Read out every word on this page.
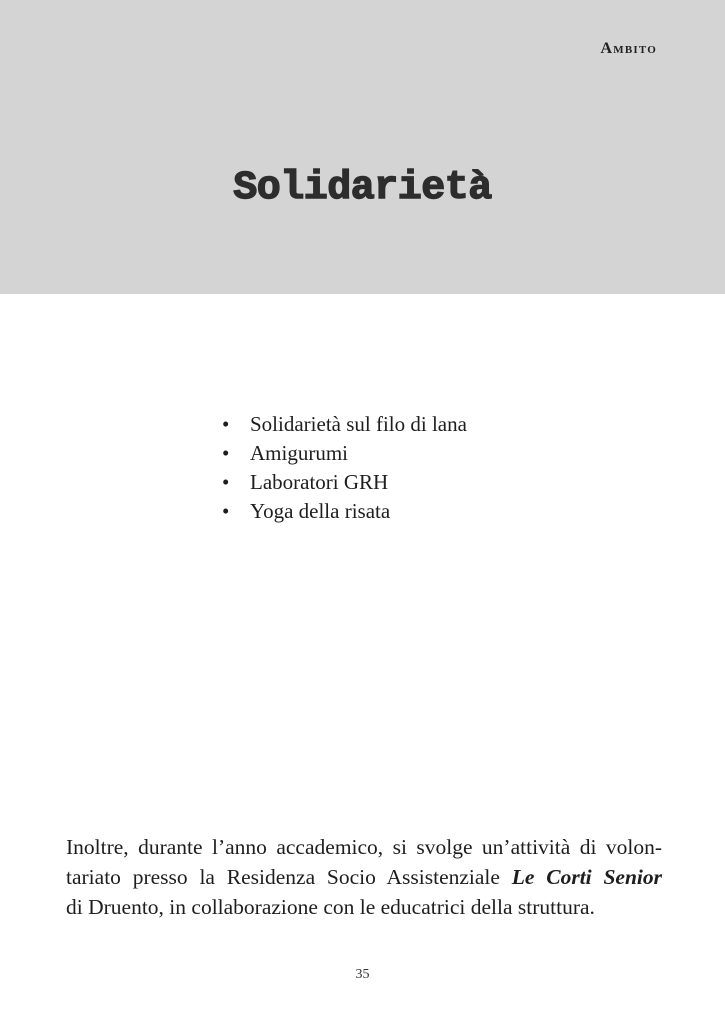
Ambito
Solidarietà
• Solidarietà sul filo di lana
• Amigurumi
• Laboratori GRH
• Yoga della risata

Inoltre, durante l’anno accademico, si svolge un’attività di volon-
tariato presso la Residenza Socio Assistenziale Le Corti Senior
di Druento, in collaborazione con le educatrici della struttura.

35
